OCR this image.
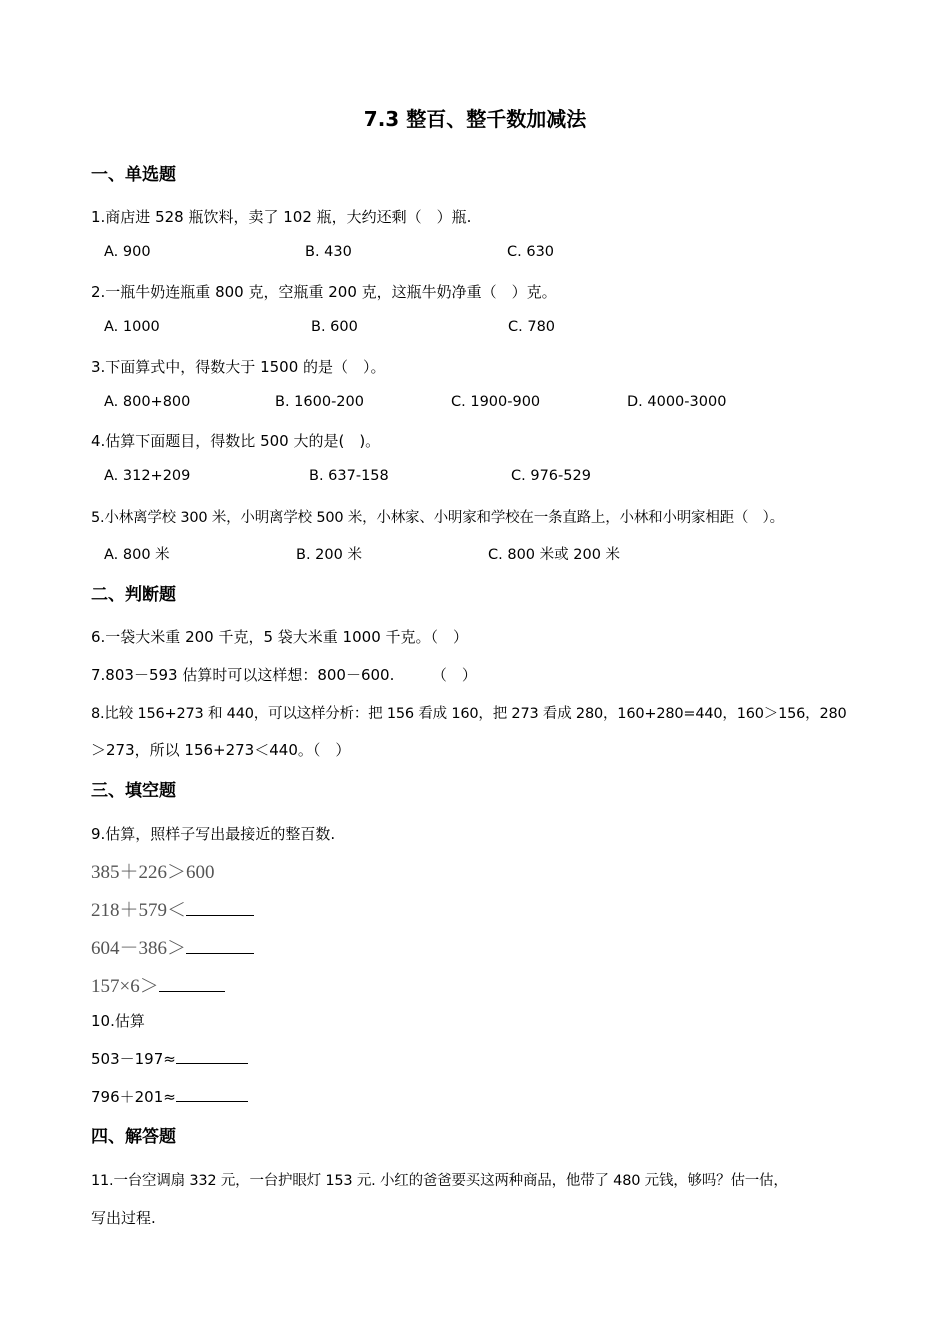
7.3 整百、整千数加减法
一、单选题
1.商店进 528 瓶饮料，卖了 102 瓶，大约还剩（　）瓶.
A. 900	B. 430	C. 630
2.一瓶牛奶连瓶重 800 克，空瓶重 200 克，这瓶牛奶净重（　）克。
A. 1000	B. 600	C. 780
3.下面算式中，得数大于 1500 的是（　）。
A. 800+800	B. 1600-200	C. 1900-900	D. 4000-3000
4.估算下面题目，得数比 500 大的是(　)。
A. 312+209	B. 637-158	C. 976-529
5.小林离学校 300 米，小明离学校 500 米，小林家、小明家和学校在一条直路上，小林和小明家相距（　）。
A. 800 米	B. 200 米	C. 800 米或 200 米
二、判断题
6.一袋大米重 200 千克，5 袋大米重 1000 千克。（　）
7.803－593 估算时可以这样想：800－600.　　　（　）
8.比较 156+273 和 440，可以这样分析：把 156 看成 160，把 273 看成 280，160+280=440，160＞156，280
＞273，所以 156+273＜440。（　）
三、填空题
9.估算，照样子写出最接近的整百数.
385＋226＞600
218＋579＜
604－386＞
157×6＞
10.估算
503－197≈
796＋201≈
四、解答题
11.一台空调扇 332 元，一台护眼灯 153 元. 小红的爸爸要买这两种商品，他带了 480 元钱，够吗？估一估，
写出过程.
